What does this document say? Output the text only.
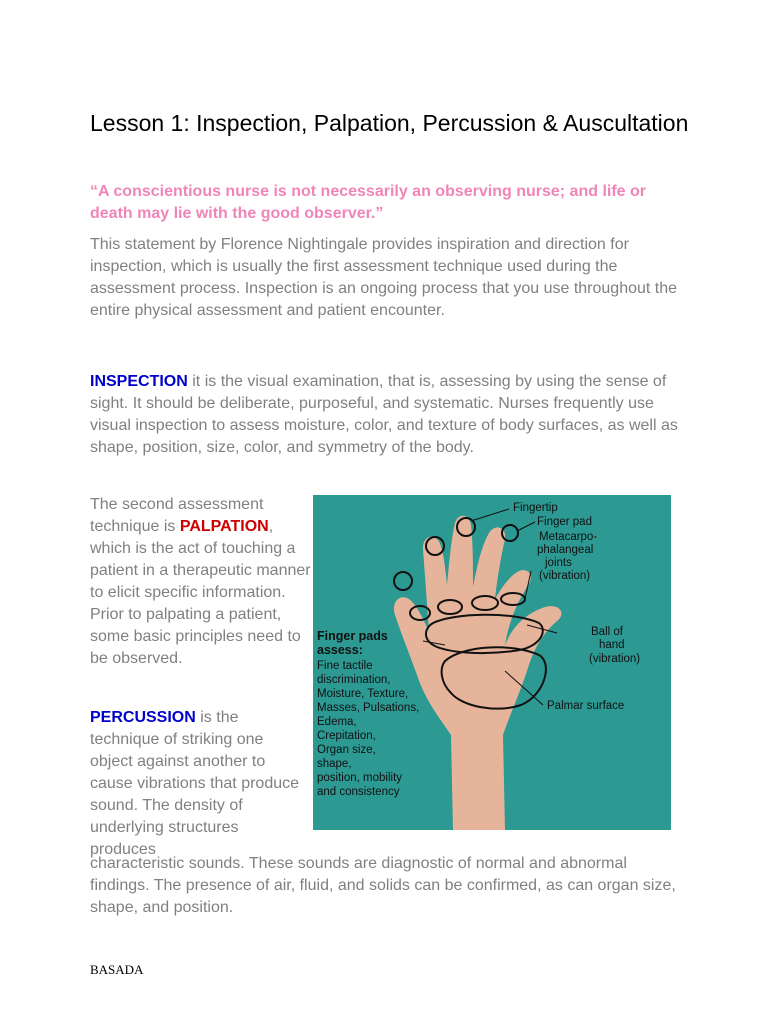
Lesson 1: Inspection, Palpation, Percussion & Auscultation

“A conscientious nurse is not necessarily an observing nurse; and life or death may lie with the good observer.”

This statement by Florence Nightingale provides inspiration and direction for inspection, which is usually the first assessment technique used during the assessment process. Inspection is an ongoing process that you use throughout the entire physical assessment and patient encounter.

INSPECTION it is the visual examination, that is, assessing by using the sense of sight. It should be deliberate, purposeful, and systematic. Nurses frequently use visual inspection to assess moisture, color, and texture of body surfaces, as well as shape, position, size, color, and symmetry of the body.

The second assessment technique is PALPATION, which is the act of touching a patient in a therapeutic manner to elicit specific information. Prior to palpating a patient, some basic principles need to be observed.

PERCUSSION is the technique of striking one object against another to cause vibrations that produce sound. The density of underlying structures produces

characteristic sounds. These sounds are diagnostic of normal and abnormal findings. The presence of air, fluid, and solids can be confirmed, as can organ size, shape, and position.

Fingertip
Finger pad
Metacarpo-
phalangeal
joints
(vibration)
Ball of
hand
(vibration)
Palmar surface
Finger pads
assess:
Fine tactile
discrimination,
Moisture, Texture,
Masses, Pulsations,
Edema,
Crepitation,
Organ size,
shape,
position, mobility
and consistency

BASADA
